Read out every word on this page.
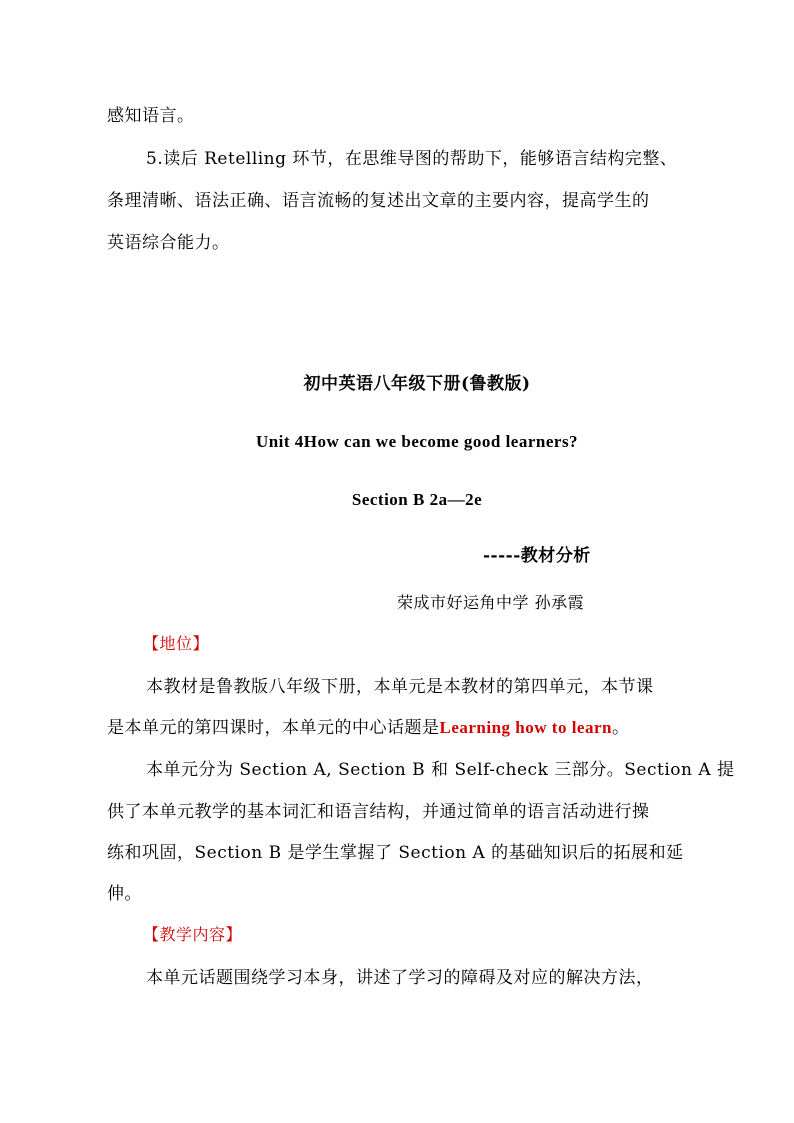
感知语言。
5.读后 Retelling 环节，在思维导图的帮助下，能够语言结构完整、
条理清晰、语法正确、语言流畅的复述出文章的主要内容，提高学生的
英语综合能力。
初中英语八年级下册(鲁教版)
Unit 4How can we become good learners?
Section B 2a—2e
-----教材分析
荣成市好运角中学 孙承霞
【地位】
本教材是鲁教版八年级下册，本单元是本教材的第四单元，本节课
是本单元的第四课时，本单元的中心话题是Learning how to learn。
本单元分为 Section A, Section B 和 Self-check 三部分。Section A 提
供了本单元教学的基本词汇和语言结构，并通过简单的语言活动进行操
练和巩固，Section B 是学生掌握了 Section A 的基础知识后的拓展和延
伸。
【教学内容】
本单元话题围绕学习本身，讲述了学习的障碍及对应的解决方法，
